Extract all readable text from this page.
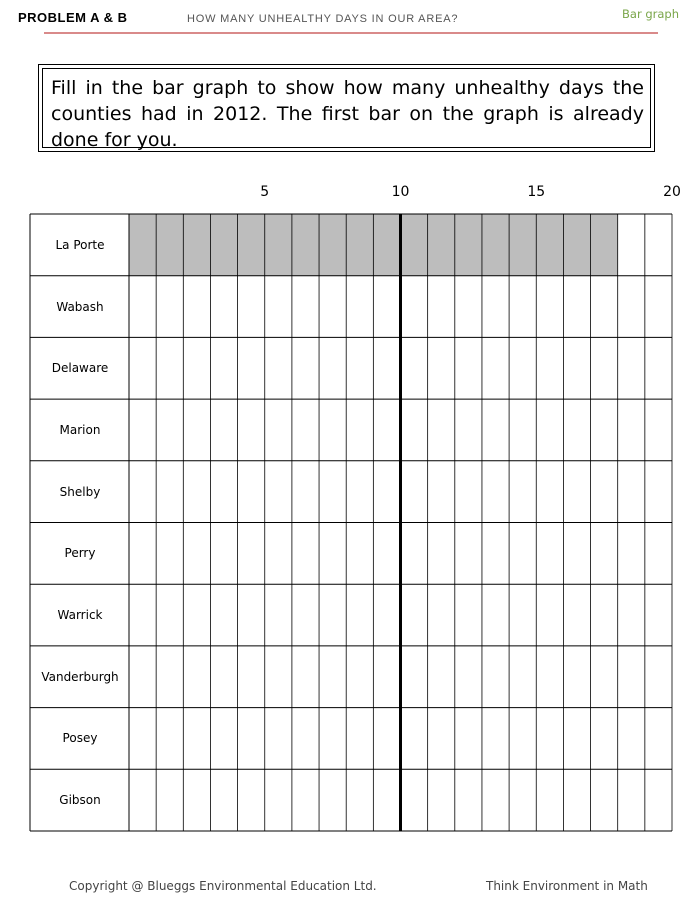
PROBLEM A & B	HOW MANY UNHEALTHY DAYS IN OUR AREA?	Bar graph
Fill in the bar graph to show how many unhealthy days the counties had in 2012. The first bar on the graph is already done for you.
5	10	15	20
La Porte
Wabash
Delaware
Marion
Shelby
Perry
Warrick
Vanderburgh
Posey
Gibson
Copyright @ Blueggs Environmental Education Ltd.	Think Environment in Math
